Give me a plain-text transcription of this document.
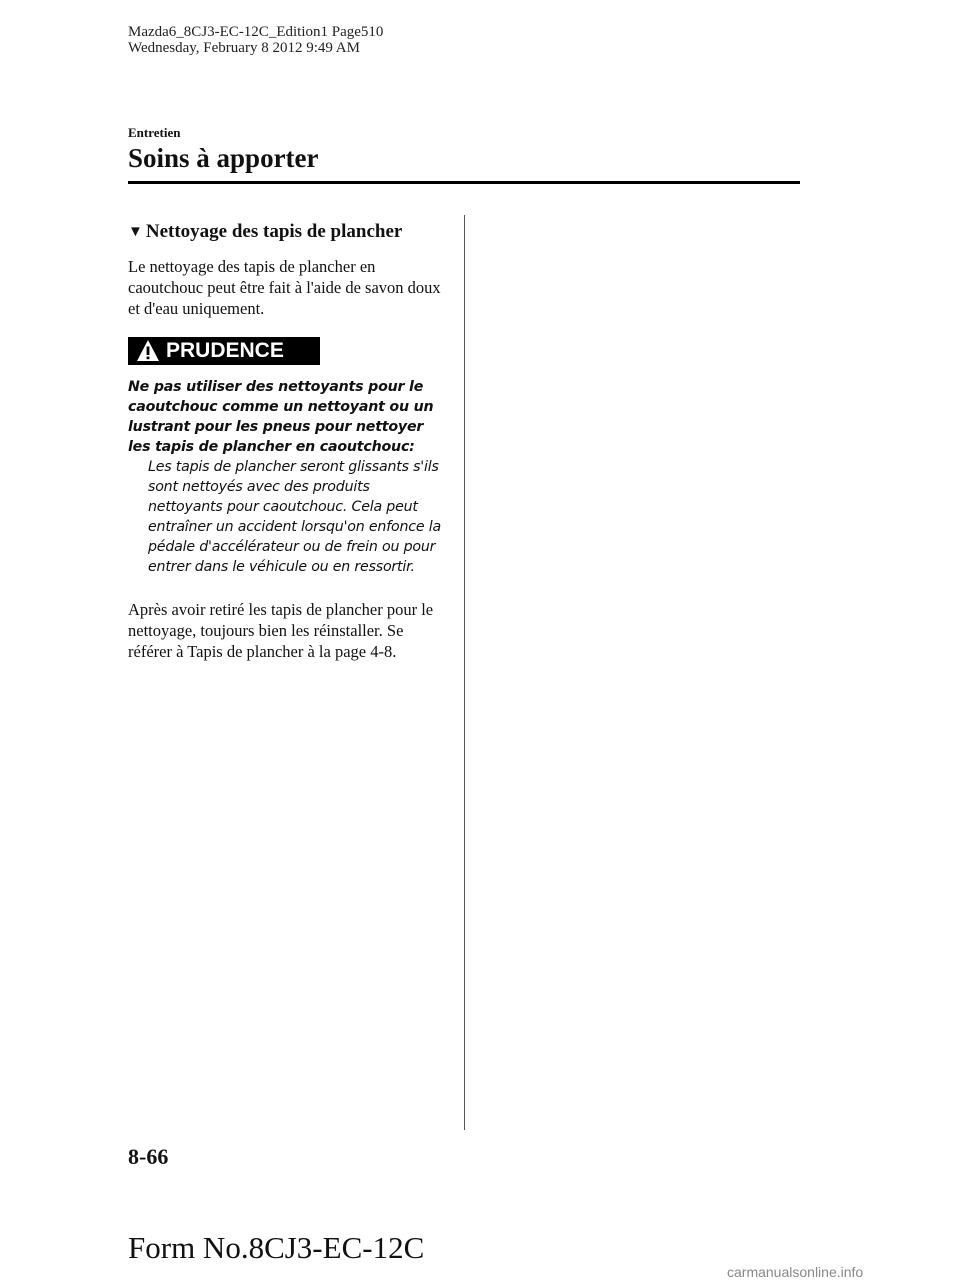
Mazda6_8CJ3-EC-12C_Edition1 Page510
Wednesday, February 8 2012 9:49 AM
Entretien
Soins à apporter
▼ Nettoyage des tapis de plancher

Le nettoyage des tapis de plancher en caoutchouc peut être fait à l'aide de savon doux et d'eau uniquement.

PRUDENCE

Ne pas utiliser des nettoyants pour le caoutchouc comme un nettoyant ou un lustrant pour les pneus pour nettoyer les tapis de plancher en caoutchouc:

Les tapis de plancher seront glissants s'ils sont nettoyés avec des produits nettoyants pour caoutchouc. Cela peut entraîner un accident lorsqu'on enfonce la pédale d'accélérateur ou de frein ou pour entrer dans le véhicule ou en ressortir.

Après avoir retiré les tapis de plancher pour le nettoyage, toujours bien les réinstaller. Se référer à Tapis de plancher à la page 4-8.

8-66
Form No.8CJ3-EC-12C
carmanualsonline.info
